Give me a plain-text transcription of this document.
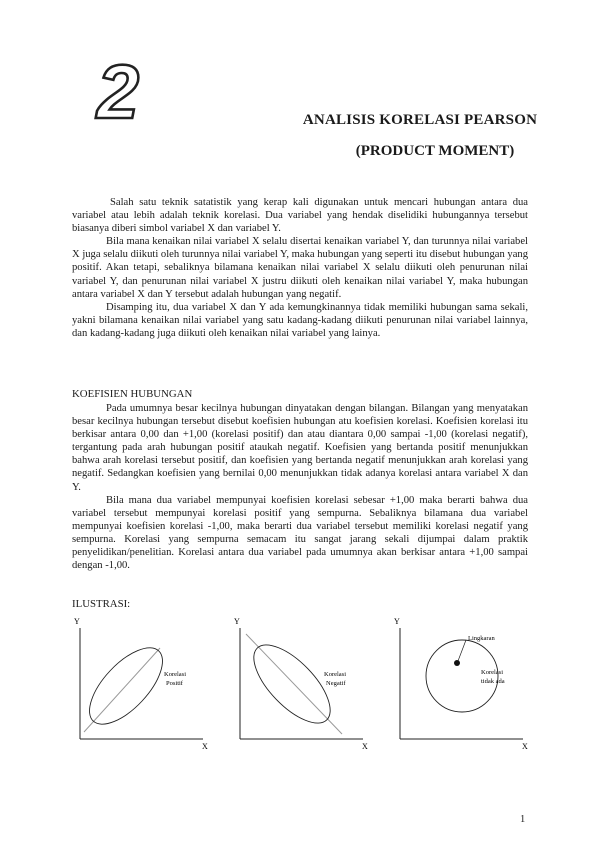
2	ANALISIS KORELASI PEARSON
(PRODUCT MOMENT)

Salah satu teknik satatistik yang kerap kali digunakan untuk mencari hubungan antara dua variabel atau lebih adalah teknik korelasi. Dua variabel yang hendak diselidiki hubungannya tersebut biasanya diberi simbol variabel X dan variabel Y.

Bila mana kenaikan nilai variabel X selalu disertai kenaikan variabel Y, dan turunnya nilai variabel X juga selalu diikuti oleh turunnya nilai variabel Y, maka hubungan yang seperti itu disebut hubungan yang positif. Akan tetapi, sebaliknya bilamana kenaikan nilai variabel X selalu diikuti oleh penurunan nilai variabel Y, dan penurunan nilai variabel X justru diikuti oleh kenaikan nilai variabel Y, maka hubungan antara variabel X dan Y tersebut adalah hubungan yang negatif.

Disamping itu, dua variabel X dan Y ada kemungkinannya tidak memiliki hubungan sama sekali, yakni bilamana kenaikan nilai variabel yang satu kadang-kadang diikuti penurunan nilai variabel lainnya, dan kadang-kadang juga diikuti oleh kenaikan nilai variabel yang lainya.

KOEFISIEN HUBUNGAN

Pada umumnya besar kecilnya hubungan dinyatakan dengan bilangan. Bilangan yang menyatakan besar kecilnya hubungan tersebut disebut koefisien hubungan atu koefisien korelasi. Koefisien korelasi itu berkisar antara 0,00 dan +1,00 (korelasi positif) dan atau diantara 0,00 sampai -1,00 (korelasi negatif), tergantung pada arah hubungan positif ataukah negatif. Koefisien yang bertanda positif menunjukkan bahwa arah korelasi tersebut positif, dan koefisien yang bertanda negatif menunjukkan arah korelasi yang negatif. Sedangkan koefisien yang bernilai 0,00 menunjukkan tidak adanya korelasi antara variabel X dan Y.

Bila mana dua variabel mempunyai koefisien korelasi sebesar +1,00 maka berarti bahwa dua variabel tersebut mempunyai korelasi positif yang sempurna. Sebaliknya bilamana dua variabel mempunyai koefisien korelasi -1,00, maka berarti dua variabel tersebut memiliki korelasi negatif yang sempurna. Korelasi yang sempurna semacam itu sangat jarang sekali dijumpai dalam praktik penyelidikan/penelitian. Korelasi antara dua variabel pada umumnya akan berkisar antara +1,00 sampai dengan -1,00.

ILUSTRASI:
Y
X
Korelasi
Positif
Y
X
Korelasi
Negatif
Y
X
Lingkaran
Korelasi
tidak ada
1
